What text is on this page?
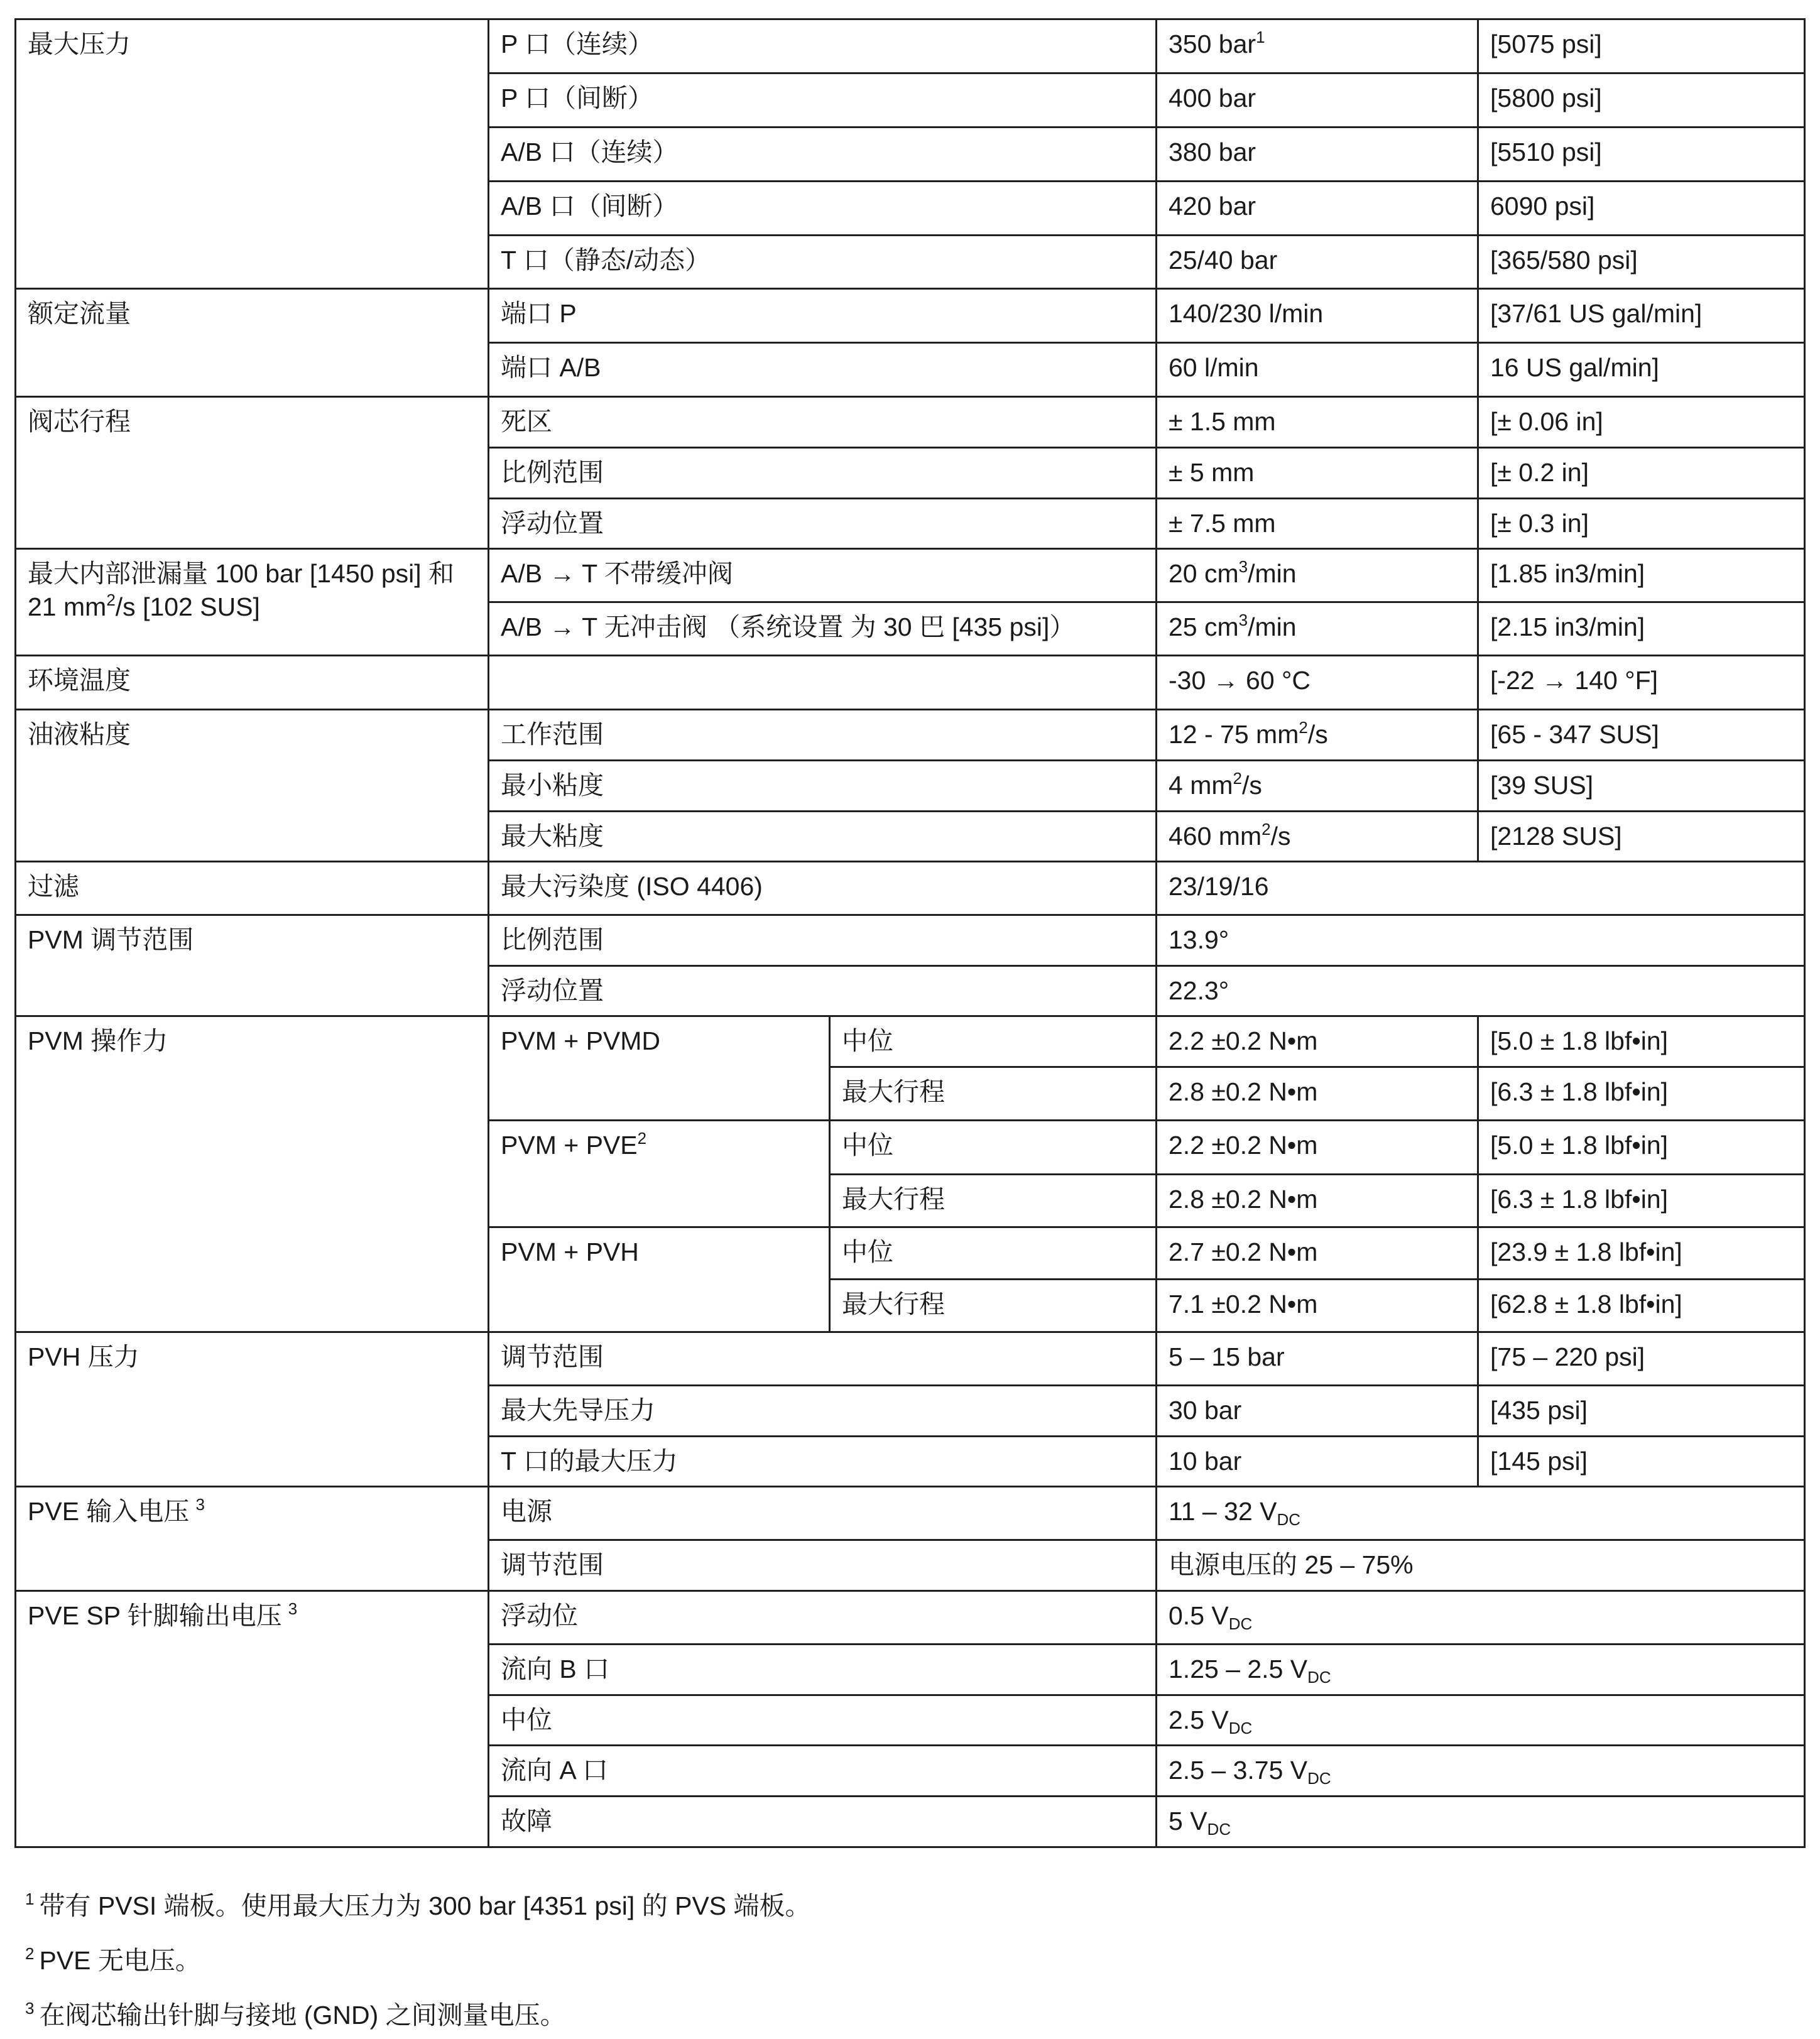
最大压力	P 口（连续）		350 bar$^1$	[5075 psi]
	P 口（间断）		400 bar	[5800 psi]
	A/B 口（连续）		380 bar	[5510 psi]
	A/B 口（间断）		420 bar	6090 psi]
	T 口（静态/动态）		25/40 bar	[365/580 psi]
额定流量	端口 P		140/230 l/min	[37/61 US gal/min]
	端口 A/B		60 l/min	16 US gal/min]
阀芯行程	死区		± 1.5 mm	[± 0.06 in]
	比例范围		± 5 mm	[± 0.2 in]
	浮动位置		± 7.5 mm	[± 0.3 in]

最大内部泄漏量 100 bar [1450 psi] 和
21 $mm^2/s$ [102 SUS]	A/B → T 不带缓冲阀		20 $cm^3/\min$	[1.85 in3/min]
	A/B → T 无冲击阀 （系统设置 为 30 巴 [435 psi]）		25 $cm^3/\min$	[2.15 in3/min]
环境温度			-30 → 60 °C	[-22 → 140 °F]
油液粘度	工作范围		12 - 75 $mm^2/s$	[65 - 347 SUS]
	最小粘度		4 $mm^2/s$	[39 SUS]
	最大粘度		460 $mm^2/s$	[2128 SUS]
过滤	最大污染度 (ISO 4406)		23/19/16	
PVM 调节范围	比例范围		13.9°	
	浮动位置		22.3°	
PVM 操作力	PVM + PVMD	中位	2.2 ±0.2 N•m	[5.0 ± 1.8 lbf•in]
		最大行程	2.8 ±0.2 N•m	[6.3 ± 1.8 lbf•in]
	PVM + $PVE^2$	中位	2.2 ±0.2 N•m	[5.0 ± 1.8 lbf•in]
		最大行程	2.8 ±0.2 N•m	[6.3 ± 1.8 lbf•in]
	PVM + PVH	中位	2.7 ±0.2 N•m	[23.9 ± 1.8 lbf•in]
		最大行程	7.1 ±0.2 N•m	[62.8 ± 1.8 lbf•in]
PVH 压力	调节范围		5 – 15 bar	[75 – 220 psi]
	最大先导压力		30 bar	[435 psi]
	T 口的最大压力		10 bar	[145 psi]
PVE 输入电压 $^3$	电源		11 – 32 $V_{DC}$
	调节范围		电源电压的 25 – 75%	
PVE SP 针脚输出电压 $^3$	浮动位		0.5 $V_{DC}$
	流向 B 口		1.25 – 2.5 $V_{DC}$
	中位		2.5 $V_{DC}$
	流向 A 口		2.5 – 3.75 $V_{DC}$
	故障		5 $V_{DC}$
$^1$ 带有 PVSI 端板。使用最大压力为 300 bar [4351 psi] 的 PVS 端板。
$^2$ PVE 无电压。
$^3$ 在阀芯输出针脚与接地 (GND) 之间测量电压。
